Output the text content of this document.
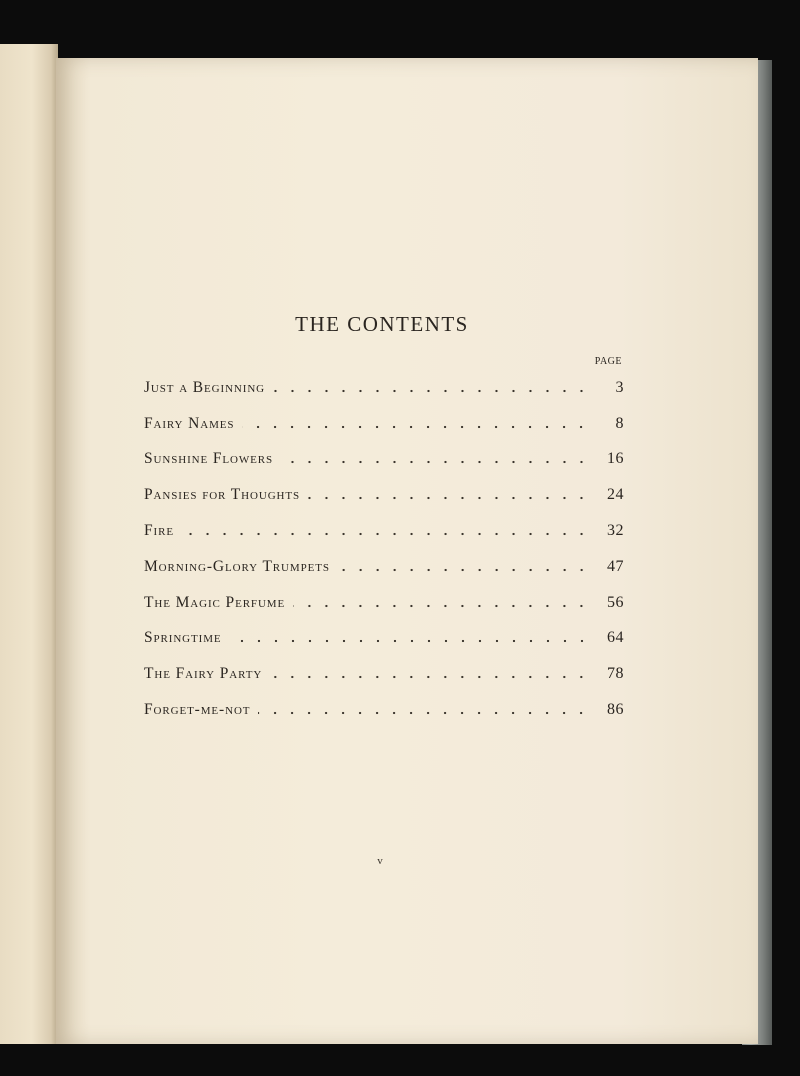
THE CONTENTS
PAGE
Just a Beginning	3
Fairy Names	8
Sunshine Flowers	16
Pansies for Thoughts	24
Fire	32
Morning-Glory Trumpets	47
The Magic Perfume	56
Springtime	64
The Fairy Party	78
Forget-me-not	86
v
